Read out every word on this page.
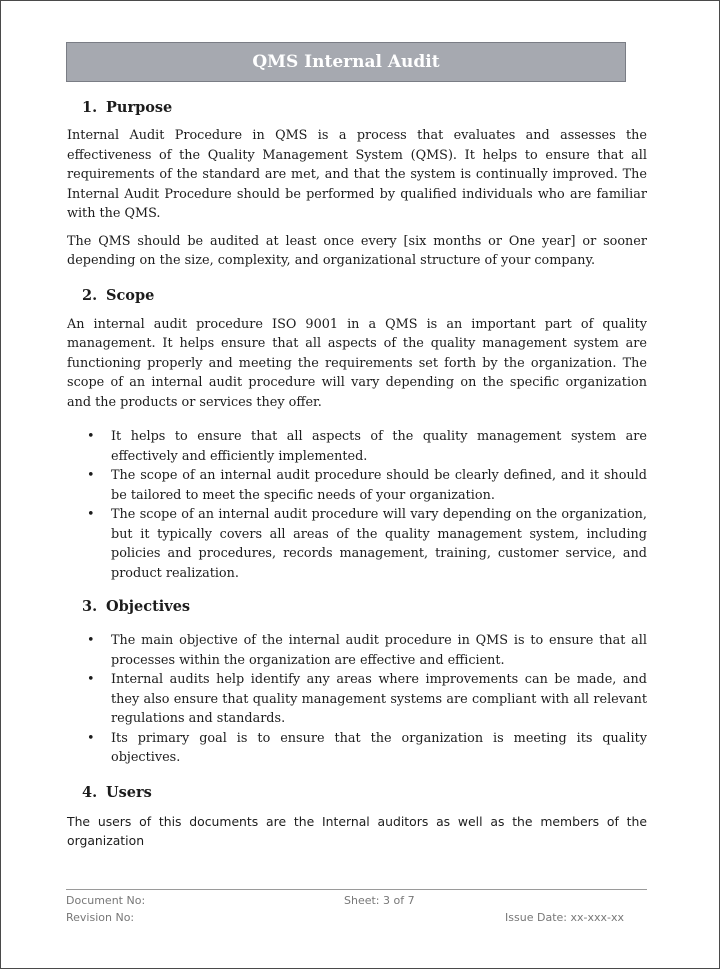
QMS Internal Audit
1. Purpose

Internal Audit Procedure in QMS is a process that evaluates and assesses the effectiveness of the Quality Management System (QMS). It helps to ensure that all requirements of the standard are met, and that the system is continually improved. The Internal Audit Procedure should be performed by qualified individuals who are familiar with the QMS.

The QMS should be audited at least once every [six months or One year] or sooner depending on the size, complexity, and organizational structure of your company.

2. Scope

An internal audit procedure ISO 9001 in a QMS is an important part of quality management. It helps ensure that all aspects of the quality management system are functioning properly and meeting the requirements set forth by the organization. The scope of an internal audit procedure will vary depending on the specific organization and the products or services they offer.

• It helps to ensure that all aspects of the quality management system are effectively and efficiently implemented.
• The scope of an internal audit procedure should be clearly defined, and it should be tailored to meet the specific needs of your organization.
• The scope of an internal audit procedure will vary depending on the organization, but it typically covers all areas of the quality management system, including policies and procedures, records management, training, customer service, and product realization.
3. Objectives
• The main objective of the internal audit procedure in QMS is to ensure that all processes within the organization are effective and efficient.
• Internal audits help identify any areas where improvements can be made, and they also ensure that quality management systems are compliant with all relevant regulations and standards.
• Its primary goal is to ensure that the organization is meeting its quality objectives.
4. Users

The users of this documents are the Internal auditors as well as the members of the organization

Document No:	Sheet: 3 of 7
Revision No:	Issue Date: xx-xxx-xx
